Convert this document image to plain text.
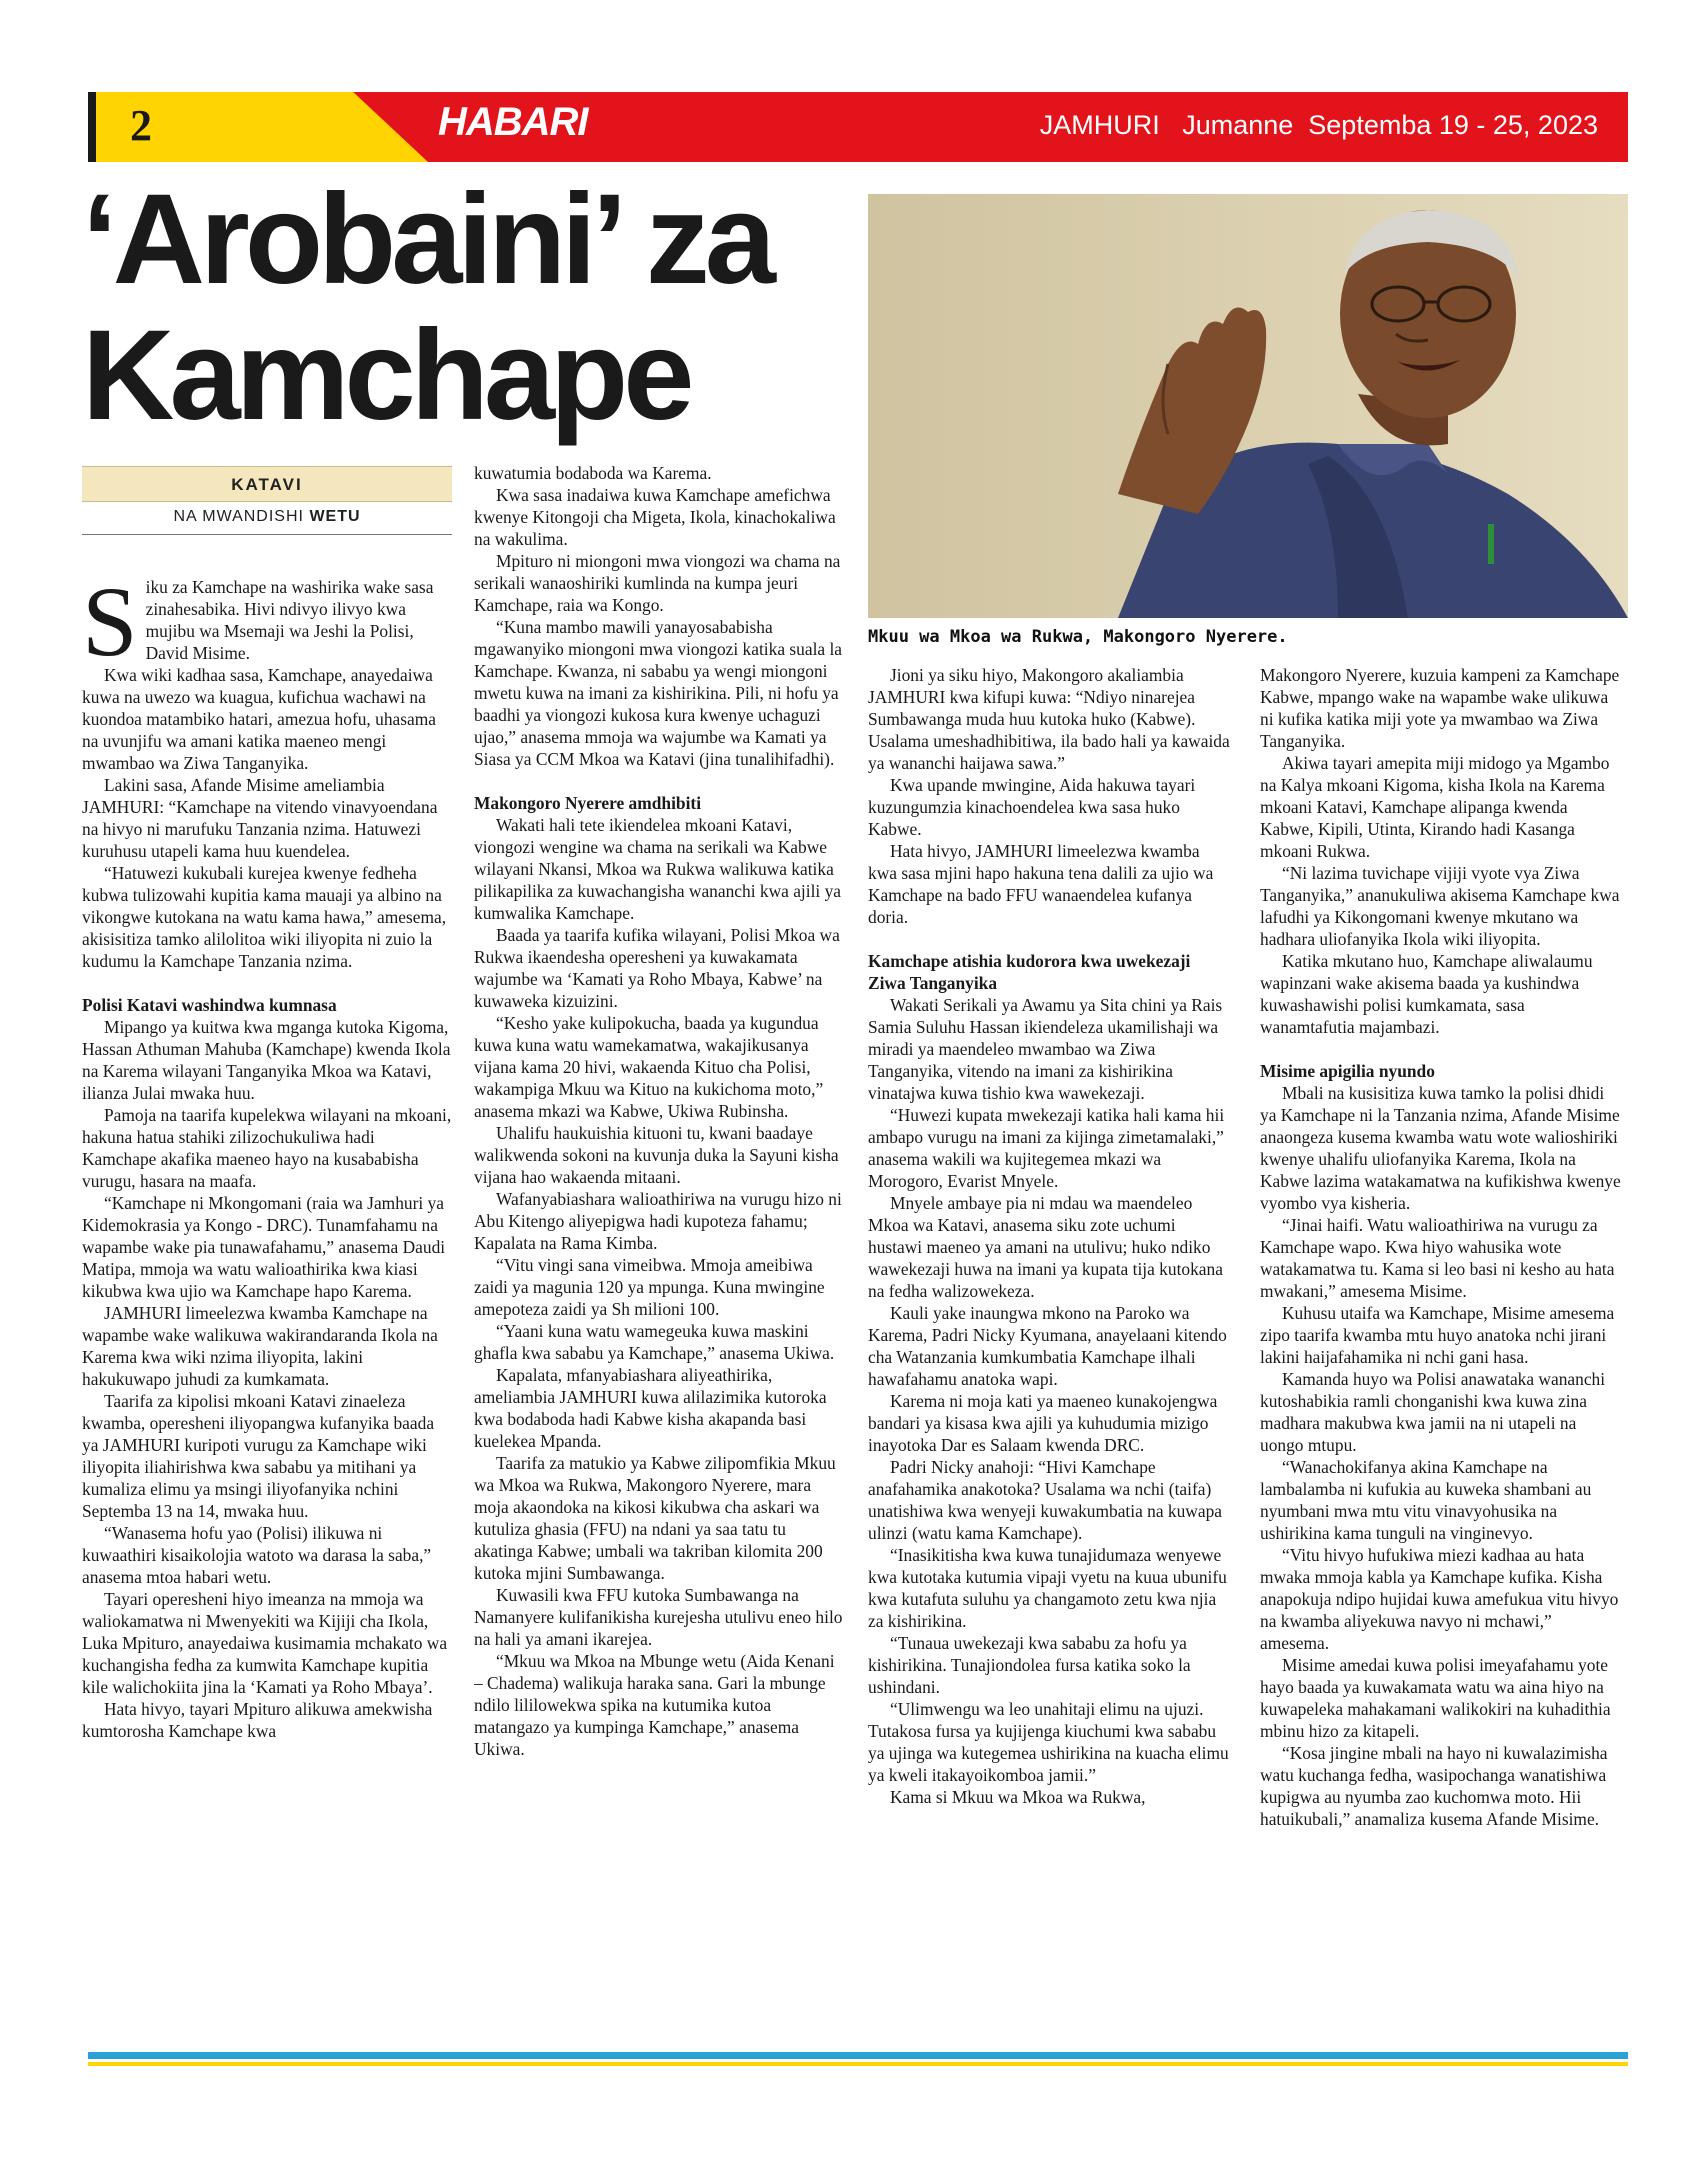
2	HABARI	JAMHURI   Jumanne  Septemba 19 - 25, 2023
‘Arobaini’ za
Kamchape
Mkuu wa Mkoa wa Rukwa, Makongoro Nyerere.
KATAVI
NA MWANDISHI WETU

Siku za Kamchape na washirika wake sasa zinahesabika. Hivi ndivyo ilivyo kwa mujibu wa Msemaji wa Jeshi la Polisi, David Misime.

Kwa wiki kadhaa sasa, Kamchape, anayedaiwa kuwa na uwezo wa kuagua, kufichua wachawi na kuondoa matambiko hatari, amezua hofu, uhasama na uvunjifu wa amani katika maeneo mengi mwambao wa Ziwa Tanganyika.

Lakini sasa, Afande Misime ameliambia JAMHURI: “Kamchape na vitendo vinavyoendana na hivyo ni marufuku Tanzania nzima. Hatuwezi kuruhusu utapeli kama huu kuendelea.

“Hatuwezi kukubali kurejea kwenye fedheha kubwa tulizowahi kupitia kama mauaji ya albino na vikongwe kutokana na watu kama hawa,” amesema, akisisitiza tamko alilolitoa wiki iliyopita ni zuio la kudumu la Kamchape Tanzania nzima.

Polisi Katavi washindwa kumnasa

Mipango ya kuitwa kwa mganga kutoka Kigoma, Hassan Athuman Mahuba (Kamchape) kwenda Ikola na Karema wilayani Tanganyika Mkoa wa Katavi, ilianza Julai mwaka huu.

Pamoja na taarifa kupelekwa wilayani na mkoani, hakuna hatua stahiki zilizochukuliwa hadi Kamchape akafika maeneo hayo na kusababisha vurugu, hasara na maafa.

“Kamchape ni Mkongomani (raia wa Jamhuri ya Kidemokrasia ya Kongo - DRC). Tunamfahamu na wapambe wake pia tunawafahamu,” anasema Daudi Matipa, mmoja wa watu walioathirika kwa kiasi kikubwa kwa ujio wa Kamchape hapo Karema.

JAMHURI limeelezwa kwamba Kamchape na wapambe wake walikuwa wakirandaranda Ikola na Karema kwa wiki nzima iliyopita, lakini hakukuwapo juhudi za kumkamata.

Taarifa za kipolisi mkoani Katavi zinaeleza kwamba, operesheni iliyopangwa kufanyika baada ya JAMHURI kuripoti vurugu za Kamchape wiki iliyopita iliahirishwa kwa sababu ya mitihani ya kumaliza elimu ya msingi iliyofanyika nchini Septemba 13 na 14, mwaka huu.

“Wanasema hofu yao (Polisi) ilikuwa ni kuwaathiri kisaikolojia watoto wa darasa la saba,” anasema mtoa habari wetu.

Tayari operesheni hiyo imeanza na mmoja wa waliokamatwa ni Mwenyekiti wa Kijiji cha Ikola, Luka Mpituro, anayedaiwa kusimamia mchakato wa kuchangisha fedha za kumwita Kamchape kupitia kile walichokiita jina la ‘Kamati ya Roho Mbaya’.

Hata hivyo, tayari Mpituro alikuwa amekwisha kumtorosha Kamchape kwa

kuwatumia bodaboda wa Karema.

Kwa sasa inadaiwa kuwa Kamchape amefichwa kwenye Kitongoji cha Migeta, Ikola, kinachokaliwa na wakulima.

Mpituro ni miongoni mwa viongozi wa chama na serikali wanaoshiriki kumlinda na kumpa jeuri Kamchape, raia wa Kongo.

“Kuna mambo mawili yanayosababisha mgawanyiko miongoni mwa viongozi katika suala la Kamchape. Kwanza, ni sababu ya wengi miongoni mwetu kuwa na imani za kishirikina. Pili, ni hofu ya baadhi ya viongozi kukosa kura kwenye uchaguzi ujao,” anasema mmoja wa wajumbe wa Kamati ya Siasa ya CCM Mkoa wa Katavi (jina tunalihifadhi).

Makongoro Nyerere amdhibiti

Wakati hali tete ikiendelea mkoani Katavi, viongozi wengine wa chama na serikali wa Kabwe wilayani Nkansi, Mkoa wa Rukwa walikuwa katika pilikapilika za kuwachangisha wananchi kwa ajili ya kumwalika Kamchape.

Baada ya taarifa kufika wilayani, Polisi Mkoa wa Rukwa ikaendesha operesheni ya kuwakamata wajumbe wa ‘Kamati ya Roho Mbaya, Kabwe’ na kuwaweka kizuizini.

“Kesho yake kulipokucha, baada ya kugundua kuwa kuna watu wamekamatwa, wakajikusanya vijana kama 20 hivi, wakaenda Kituo cha Polisi, wakampiga Mkuu wa Kituo na kukichoma moto,” anasema mkazi wa Kabwe, Ukiwa Rubinsha.

Uhalifu haukuishia kituoni tu, kwani baadaye walikwenda sokoni na kuvunja duka la Sayuni kisha vijana hao wakaenda mitaani.

Wafanyabiashara walioathiriwa na vurugu hizo ni Abu Kitengo aliyepigwa hadi kupoteza fahamu; Kapalata na Rama Kimba.

“Vitu vingi sana vimeibwa. Mmoja ameibiwa zaidi ya magunia 120 ya mpunga. Kuna mwingine amepoteza zaidi ya Sh milioni 100.

“Yaani kuna watu wamegeuka kuwa maskini ghafla kwa sababu ya Kamchape,” anasema Ukiwa.

Kapalata, mfanyabiashara aliyeathirika, ameliambia JAMHURI kuwa alilazimika kutoroka kwa bodaboda hadi Kabwe kisha akapanda basi kuelekea Mpanda.

Taarifa za matukio ya Kabwe zilipomfikia Mkuu wa Mkoa wa Rukwa, Makongoro Nyerere, mara moja akaondoka na kikosi kikubwa cha askari wa kutuliza ghasia (FFU) na ndani ya saa tatu tu akatinga Kabwe; umbali wa takriban kilomita 200 kutoka mjini Sumbawanga.

Kuwasili kwa FFU kutoka Sumbawanga na Namanyere kulifanikisha kurejesha utulivu eneo hilo na hali ya amani ikarejea.

“Mkuu wa Mkoa na Mbunge wetu (Aida Kenani – Chadema) walikuja haraka sana. Gari la mbunge ndilo lililowekwa spika na kutumika kutoa matangazo ya kumpinga Kamchape,” anasema Ukiwa.

Jioni ya siku hiyo, Makongoro akaliambia JAMHURI kwa kifupi kuwa: “Ndiyo ninarejea Sumbawanga muda huu kutoka huko (Kabwe). Usalama umeshadhibitiwa, ila bado hali ya kawaida ya wananchi haijawa sawa.”

Kwa upande mwingine, Aida hakuwa tayari kuzungumzia kinachoendelea kwa sasa huko Kabwe.

Hata hivyo, JAMHURI limeelezwa kwamba kwa sasa mjini hapo hakuna tena dalili za ujio wa Kamchape na bado FFU wanaendelea kufanya doria.

Kamchape atishia kudorora kwa uwekezaji Ziwa Tanganyika

Wakati Serikali ya Awamu ya Sita chini ya Rais Samia Suluhu Hassan ikiendeleza ukamilishaji wa miradi ya maendeleo mwambao wa Ziwa Tanganyika, vitendo na imani za kishirikina vinatajwa kuwa tishio kwa wawekezaji.

“Huwezi kupata mwekezaji katika hali kama hii ambapo vurugu na imani za kijinga zimetamalaki,” anasema wakili wa kujitegemea mkazi wa Morogoro, Evarist Mnyele.

Mnyele ambaye pia ni mdau wa maendeleo Mkoa wa Katavi, anasema siku zote uchumi hustawi maeneo ya amani na utulivu; huko ndiko wawekezaji huwa na imani ya kupata tija kutokana na fedha walizowekeza.

Kauli yake inaungwa mkono na Paroko wa Karema, Padri Nicky Kyumana, anayelaani kitendo cha Watanzania kumkumbatia Kamchape ilhali hawafahamu anatoka wapi.

Karema ni moja kati ya maeneo kunakojengwa bandari ya kisasa kwa ajili ya kuhudumia mizigo inayotoka Dar es Salaam kwenda DRC.

Padri Nicky anahoji: “Hivi Kamchape anafahamika anakotoka? Usalama wa nchi (taifa) unatishiwa kwa wenyeji kuwakumbatia na kuwapa ulinzi (watu kama Kamchape).

“Inasikitisha kwa kuwa tunajidumaza wenyewe kwa kutotaka kutumia vipaji vyetu na kuua ubunifu kwa kutafuta suluhu ya changamoto zetu kwa njia za kishirikina.

“Tunaua uwekezaji kwa sababu za hofu ya kishirikina. Tunajiondolea fursa katika soko la ushindani.

“Ulimwengu wa leo unahitaji elimu na ujuzi. Tutakosa fursa ya kujijenga kiuchumi kwa sababu ya ujinga wa kutegemea ushirikina na kuacha elimu ya kweli itakayoikomboa jamii.”

Kama si Mkuu wa Mkoa wa Rukwa,

Makongoro Nyerere, kuzuia kampeni za Kamchape Kabwe, mpango wake na wapambe wake ulikuwa ni kufika katika miji yote ya mwambao wa Ziwa Tanganyika.

Akiwa tayari amepita miji midogo ya Mgambo na Kalya mkoani Kigoma, kisha Ikola na Karema mkoani Katavi, Kamchape alipanga kwenda Kabwe, Kipili, Utinta, Kirando hadi Kasanga mkoani Rukwa.

“Ni lazima tuvichape vijiji vyote vya Ziwa Tanganyika,” ananukuliwa akisema Kamchape kwa lafudhi ya Kikongomani kwenye mkutano wa hadhara uliofanyika Ikola wiki iliyopita.

Katika mkutano huo, Kamchape aliwalaumu wapinzani wake akisema baada ya kushindwa kuwashawishi polisi kumkamata, sasa wanamtafutia majambazi.

Misime apigilia nyundo

Mbali na kusisitiza kuwa tamko la polisi dhidi ya Kamchape ni la Tanzania nzima, Afande Misime anaongeza kusema kwamba watu wote walioshiriki kwenye uhalifu uliofanyika Karema, Ikola na Kabwe lazima watakamatwa na kufikishwa kwenye vyombo vya kisheria.

“Jinai haifi. Watu walioathiriwa na vurugu za Kamchape wapo. Kwa hiyo wahusika wote watakamatwa tu. Kama si leo basi ni kesho au hata mwakani,” amesema Misime.

Kuhusu utaifa wa Kamchape, Misime amesema zipo taarifa kwamba mtu huyo anatoka nchi jirani lakini haijafahamika ni nchi gani hasa.

Kamanda huyo wa Polisi anawataka wananchi kutoshabikia ramli chonganishi kwa kuwa zina madhara makubwa kwa jamii na ni utapeli na uongo mtupu.

“Wanachokifanya akina Kamchape na lambalamba ni kufukia au kuweka shambani au nyumbani mwa mtu vitu vinavyohusika na ushirikina kama tunguli na vinginevyo.

“Vitu hivyo hufukiwa miezi kadhaa au hata mwaka mmoja kabla ya Kamchape kufika. Kisha anapokuja ndipo hujidai kuwa amefukua vitu hivyo na kwamba aliyekuwa navyo ni mchawi,” amesema.

Misime amedai kuwa polisi imeyafahamu yote hayo baada ya kuwakamata watu wa aina hiyo na kuwapeleka mahakamani walikokiri na kuhadithia mbinu hizo za kitapeli.

“Kosa jingine mbali na hayo ni kuwalazimisha watu kuchanga fedha, wasipochanga wanatishiwa kupigwa au nyumba zao kuchomwa moto. Hii hatuikubali,” anamaliza kusema Afande Misime.
